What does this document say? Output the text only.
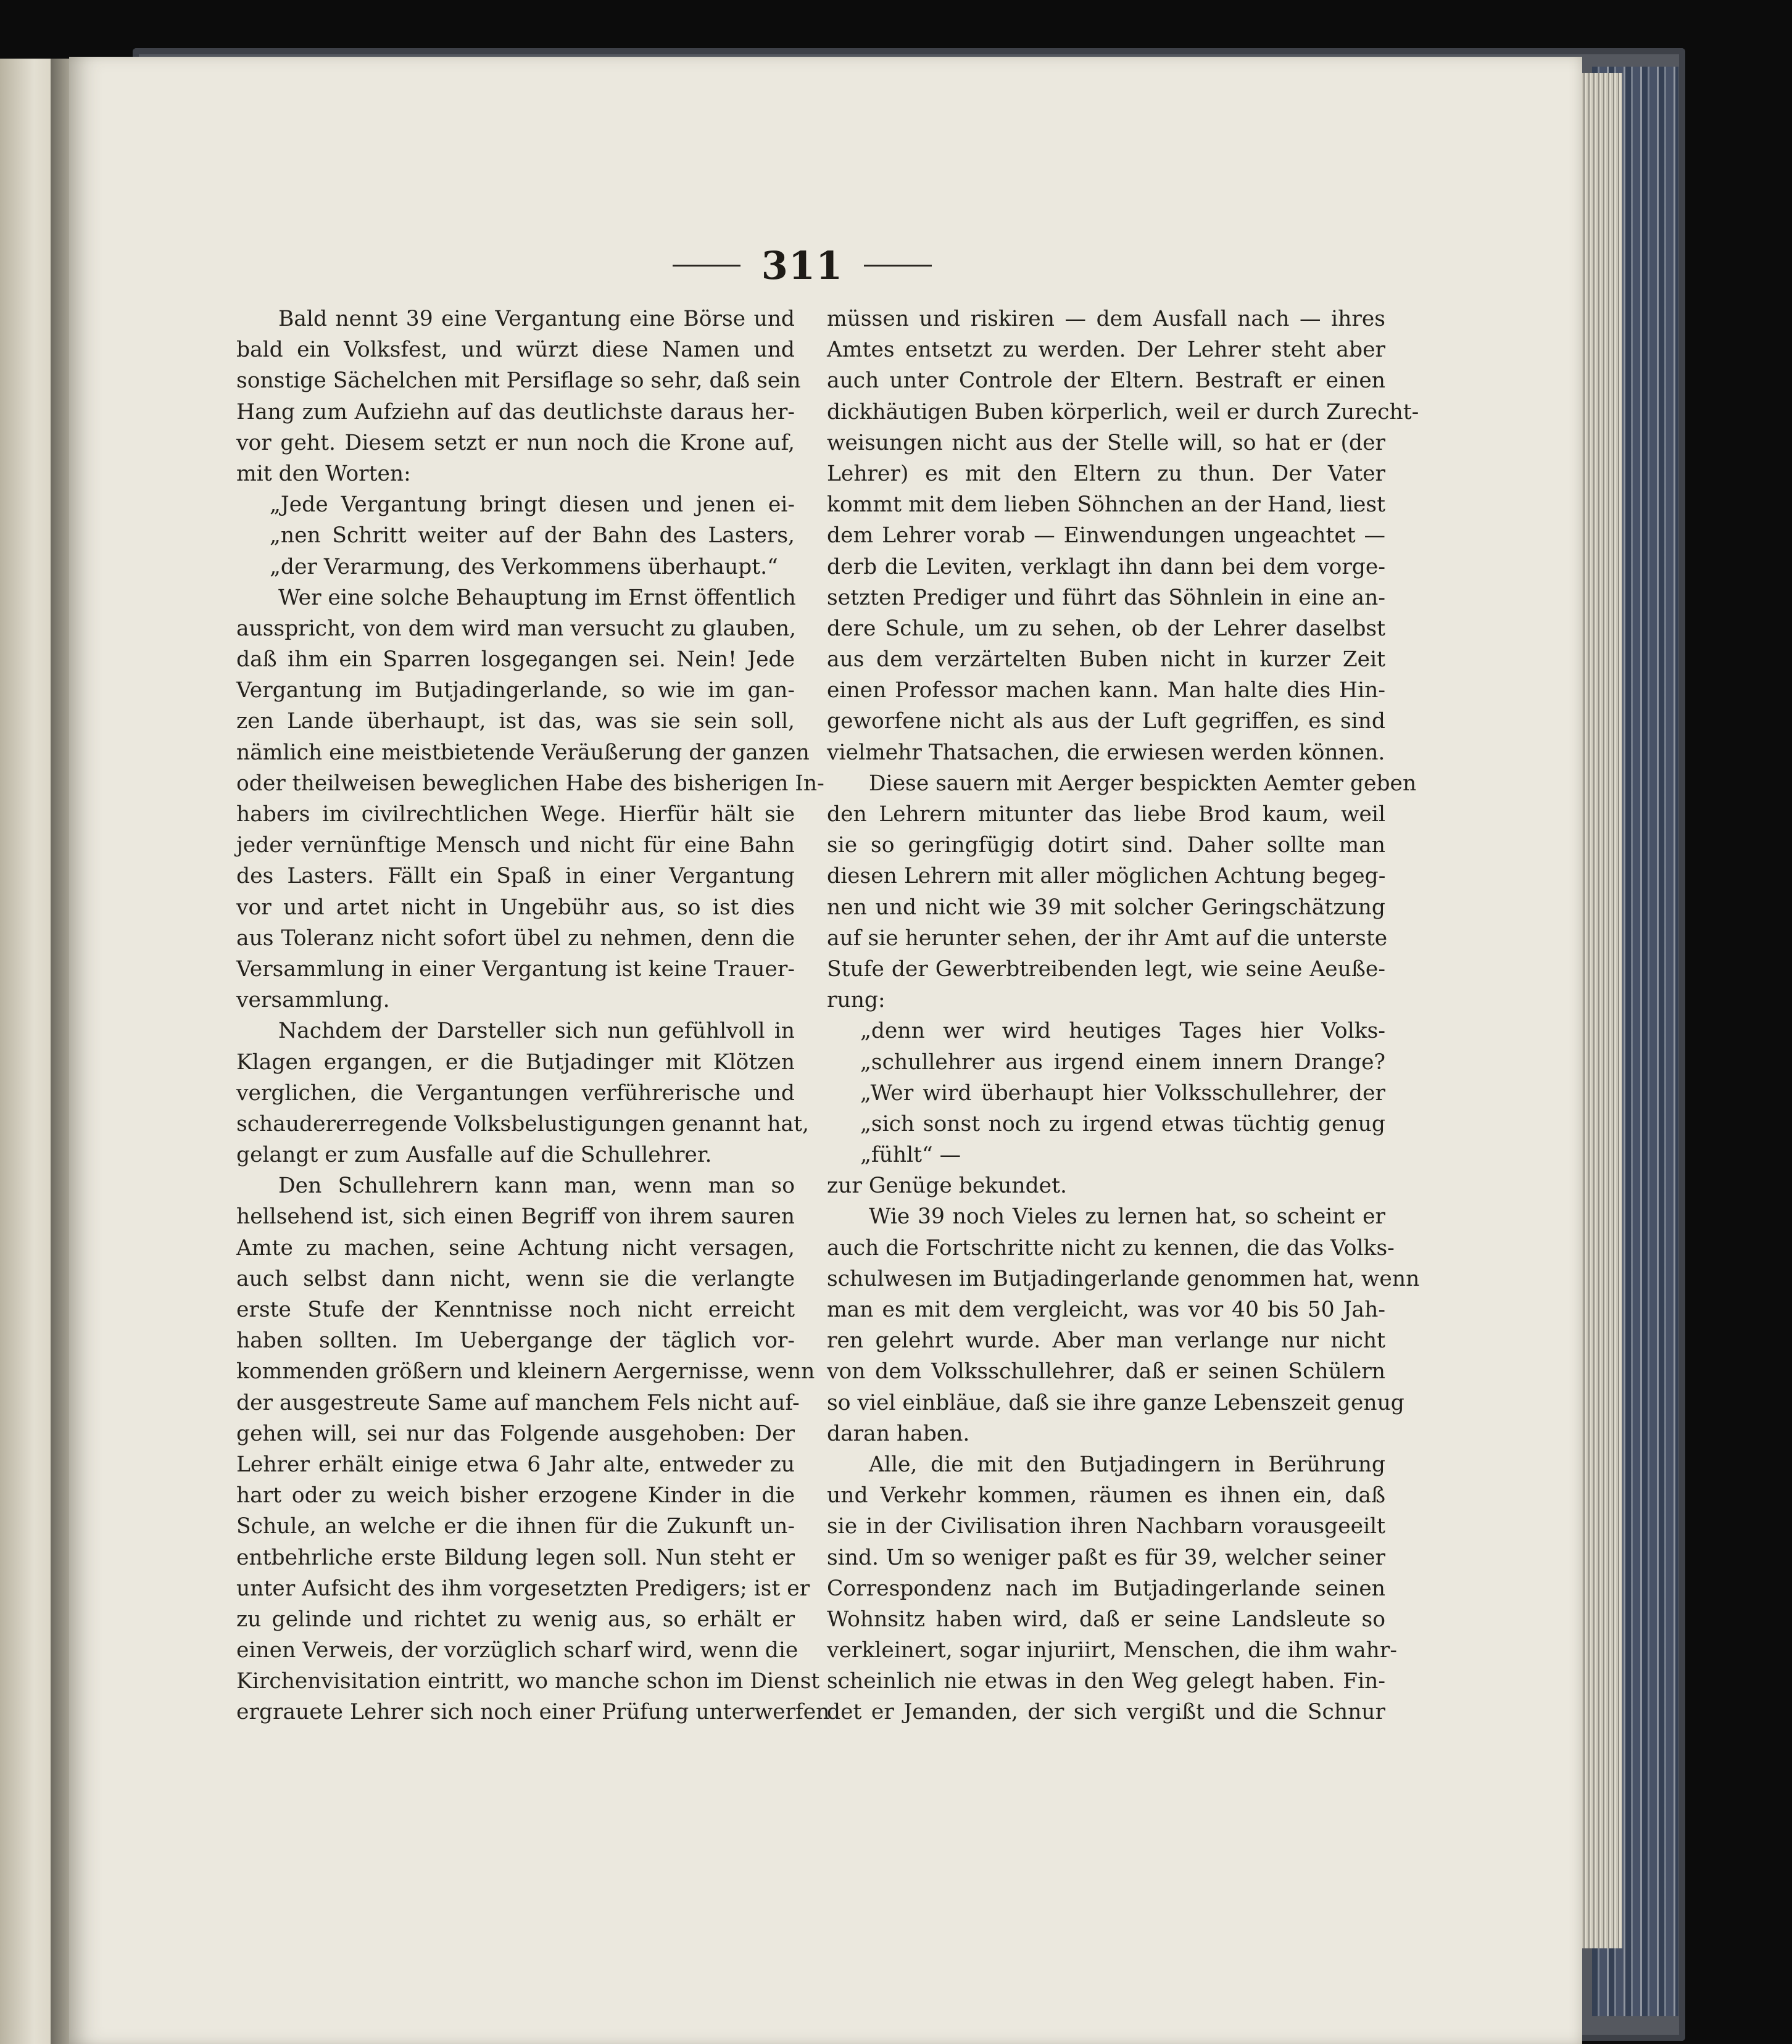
311
Bald nennt 39 eine Vergantung eine Börse und
bald ein Volksfest, und würzt diese Namen und
sonstige Sächelchen mit Persiflage so sehr, daß sein
Hang zum Aufziehn auf das deutlichste daraus her-
vor geht. Diesem setzt er nun noch die Krone auf,
mit den Worten:
„Jede Vergantung bringt diesen und jenen ei-
„nen Schritt weiter auf der Bahn des Lasters,
„der Verarmung, des Verkommens überhaupt.“
Wer eine solche Behauptung im Ernst öffentlich
ausspricht, von dem wird man versucht zu glauben,
daß ihm ein Sparren losgegangen sei. Nein! Jede
Vergantung im Butjadingerlande, so wie im gan-
zen Lande überhaupt, ist das, was sie sein soll,
nämlich eine meistbietende Veräußerung der ganzen
oder theilweisen beweglichen Habe des bisherigen In-
habers im civilrechtlichen Wege. Hierfür hält sie
jeder vernünftige Mensch und nicht für eine Bahn
des Lasters. Fällt ein Spaß in einer Vergantung
vor und artet nicht in Ungebühr aus, so ist dies
aus Toleranz nicht sofort übel zu nehmen, denn die
Versammlung in einer Vergantung ist keine Trauer-
versammlung.
Nachdem der Darsteller sich nun gefühlvoll in
Klagen ergangen, er die Butjadinger mit Klötzen
verglichen, die Vergantungen verführerische und
schaudererregende Volksbelustigungen genannt hat,
gelangt er zum Ausfalle auf die Schullehrer.
Den Schullehrern kann man, wenn man so
hellsehend ist, sich einen Begriff von ihrem sauren
Amte zu machen, seine Achtung nicht versagen,
auch selbst dann nicht, wenn sie die verlangte
erste Stufe der Kenntnisse noch nicht erreicht
haben sollten. Im Uebergange der täglich vor-
kommenden größern und kleinern Aergernisse, wenn
der ausgestreute Same auf manchem Fels nicht auf-
gehen will, sei nur das Folgende ausgehoben: Der
Lehrer erhält einige etwa 6 Jahr alte, entweder zu
hart oder zu weich bisher erzogene Kinder in die
Schule, an welche er die ihnen für die Zukunft un-
entbehrliche erste Bildung legen soll. Nun steht er
unter Aufsicht des ihm vorgesetzten Predigers; ist er
zu gelinde und richtet zu wenig aus, so erhält er
einen Verweis, der vorzüglich scharf wird, wenn die
Kirchenvisitation eintritt, wo manche schon im Dienst
ergrauete Lehrer sich noch einer Prüfung unterwerfen
müssen und riskiren — dem Ausfall nach — ihres
Amtes entsetzt zu werden. Der Lehrer steht aber
auch unter Controle der Eltern. Bestraft er einen
dickhäutigen Buben körperlich, weil er durch Zurecht-
weisungen nicht aus der Stelle will, so hat er (der
Lehrer) es mit den Eltern zu thun. Der Vater
kommt mit dem lieben Söhnchen an der Hand, liest
dem Lehrer vorab — Einwendungen ungeachtet —
derb die Leviten, verklagt ihn dann bei dem vorge-
setzten Prediger und führt das Söhnlein in eine an-
dere Schule, um zu sehen, ob der Lehrer daselbst
aus dem verzärtelten Buben nicht in kurzer Zeit
einen Professor machen kann. Man halte dies Hin-
geworfene nicht als aus der Luft gegriffen, es sind
vielmehr Thatsachen, die erwiesen werden können.
Diese sauern mit Aerger bespickten Aemter geben
den Lehrern mitunter das liebe Brod kaum, weil
sie so geringfügig dotirt sind. Daher sollte man
diesen Lehrern mit aller möglichen Achtung begeg-
nen und nicht wie 39 mit solcher Geringschätzung
auf sie herunter sehen, der ihr Amt auf die unterste
Stufe der Gewerbtreibenden legt, wie seine Aeuße-
rung:
„denn wer wird heutiges Tages hier Volks-
„schullehrer aus irgend einem innern Drange?
„Wer wird überhaupt hier Volksschullehrer, der
„sich sonst noch zu irgend etwas tüchtig genug
„fühlt“ —
zur Genüge bekundet.
Wie 39 noch Vieles zu lernen hat, so scheint er
auch die Fortschritte nicht zu kennen, die das Volks-
schulwesen im Butjadingerlande genommen hat, wenn
man es mit dem vergleicht, was vor 40 bis 50 Jah-
ren gelehrt wurde. Aber man verlange nur nicht
von dem Volksschullehrer, daß er seinen Schülern
so viel einbläue, daß sie ihre ganze Lebenszeit genug
daran haben.
Alle, die mit den Butjadingern in Berührung
und Verkehr kommen, räumen es ihnen ein, daß
sie in der Civilisation ihren Nachbarn vorausgeeilt
sind. Um so weniger paßt es für 39, welcher seiner
Correspondenz nach im Butjadingerlande seinen
Wohnsitz haben wird, daß er seine Landsleute so
verkleinert, sogar injuriirt, Menschen, die ihm wahr-
scheinlich nie etwas in den Weg gelegt haben. Fin-
det er Jemanden, der sich vergißt und die Schnur
